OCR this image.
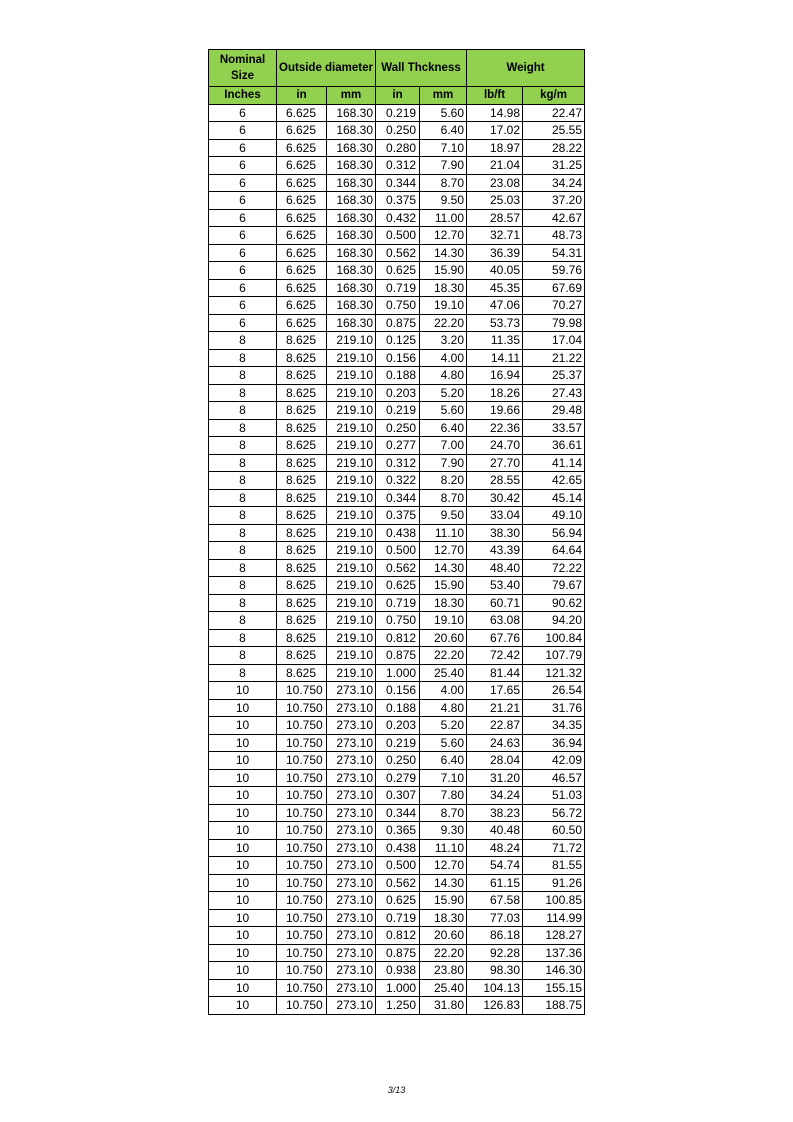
Nominal Size	Outside diameter		Wall Thckness		Weight	
Inches	in	mm	in	mm	lb/ft	kg/m
6	6.625	168.30	0.219	5.60	14.98	22.47
6	6.625	168.30	0.250	6.40	17.02	25.55
6	6.625	168.30	0.280	7.10	18.97	28.22
6	6.625	168.30	0.312	7.90	21.04	31.25
6	6.625	168.30	0.344	8.70	23.08	34.24
6	6.625	168.30	0.375	9.50	25.03	37.20
6	6.625	168.30	0.432	11.00	28.57	42.67
6	6.625	168.30	0.500	12.70	32.71	48.73
6	6.625	168.30	0.562	14.30	36.39	54.31
6	6.625	168.30	0.625	15.90	40.05	59.76
6	6.625	168.30	0.719	18.30	45.35	67.69
6	6.625	168.30	0.750	19.10	47.06	70.27
6	6.625	168.30	0.875	22.20	53.73	79.98
8	8.625	219.10	0.125	3.20	11.35	17.04
8	8.625	219.10	0.156	4.00	14.11	21.22
8	8.625	219.10	0.188	4.80	16.94	25.37
8	8.625	219.10	0.203	5.20	18.26	27.43
8	8.625	219.10	0.219	5.60	19.66	29.48
8	8.625	219.10	0.250	6.40	22.36	33.57
8	8.625	219.10	0.277	7.00	24.70	36.61
8	8.625	219.10	0.312	7.90	27.70	41.14
8	8.625	219.10	0.322	8.20	28.55	42.65
8	8.625	219.10	0.344	8.70	30.42	45.14
8	8.625	219.10	0.375	9.50	33.04	49.10
8	8.625	219.10	0.438	11.10	38.30	56.94
8	8.625	219.10	0.500	12.70	43.39	64.64
8	8.625	219.10	0.562	14.30	48.40	72.22
8	8.625	219.10	0.625	15.90	53.40	79.67
8	8.625	219.10	0.719	18.30	60.71	90.62
8	8.625	219.10	0.750	19.10	63.08	94.20
8	8.625	219.10	0.812	20.60	67.76	100.84
8	8.625	219.10	0.875	22.20	72.42	107.79
8	8.625	219.10	1.000	25.40	81.44	121.32
10	10.750	273.10	0.156	4.00	17.65	26.54
10	10.750	273.10	0.188	4.80	21.21	31.76
10	10.750	273.10	0.203	5.20	22.87	34.35
10	10.750	273.10	0.219	5.60	24.63	36.94
10	10.750	273.10	0.250	6.40	28.04	42.09
10	10.750	273.10	0.279	7.10	31.20	46.57
10	10.750	273.10	0.307	7.80	34.24	51.03
10	10.750	273.10	0.344	8.70	38.23	56.72
10	10.750	273.10	0.365	9.30	40.48	60.50
10	10.750	273.10	0.438	11.10	48.24	71.72
10	10.750	273.10	0.500	12.70	54.74	81.55
10	10.750	273.10	0.562	14.30	61.15	91.26
10	10.750	273.10	0.625	15.90	67.58	100.85
10	10.750	273.10	0.719	18.30	77.03	114.99
10	10.750	273.10	0.812	20.60	86.18	128.27
10	10.750	273.10	0.875	22.20	92.28	137.36
10	10.750	273.10	0.938	23.80	98.30	146.30
10	10.750	273.10	1.000	25.40	104.13	155.15
10	10.750	273.10	1.250	31.80	126.83	188.75
3/13
